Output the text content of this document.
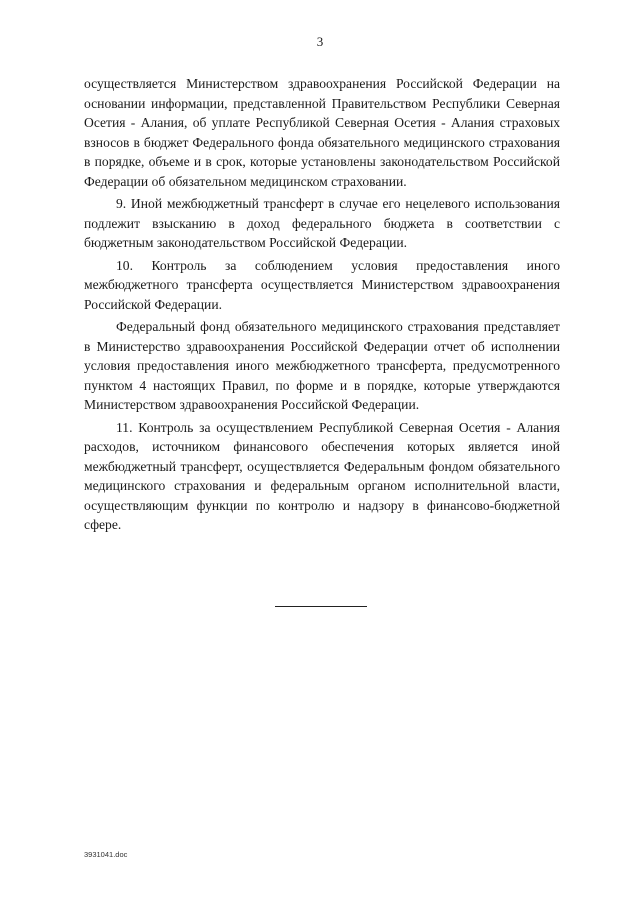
3

осуществляется Министерством здравоохранения Российской Федерации на основании информации, представленной Правительством Республики Северная Осетия - Алания, об уплате Республикой Северная Осетия - Алания страховых взносов в бюджет Федерального фонда обязательного медицинского страхования в порядке, объеме и в срок, которые установлены законодательством Российской Федерации об обязательном медицинском страховании.

9. Иной межбюджетный трансферт в случае его нецелевого использования подлежит взысканию в доход федерального бюджета в соответствии с бюджетным законодательством Российской Федерации.

10. Контроль за соблюдением условия предоставления иного межбюджетного трансферта осуществляется Министерством здравоохранения Российской Федерации.

Федеральный фонд обязательного медицинского страхования представляет в Министерство здравоохранения Российской Федерации отчет об исполнении условия предоставления иного межбюджетного трансферта, предусмотренного пунктом 4 настоящих Правил, по форме и в порядке, которые утверждаются Министерством здравоохранения Российской Федерации.

11. Контроль за осуществлением Республикой Северная Осетия - Алания расходов, источником финансового обеспечения которых является иной межбюджетный трансферт, осуществляется Федеральным фондом обязательного медицинского страхования и федеральным органом исполнительной власти, осуществляющим функции по контролю и надзору в финансово-бюджетной сфере.

3931041.doc
